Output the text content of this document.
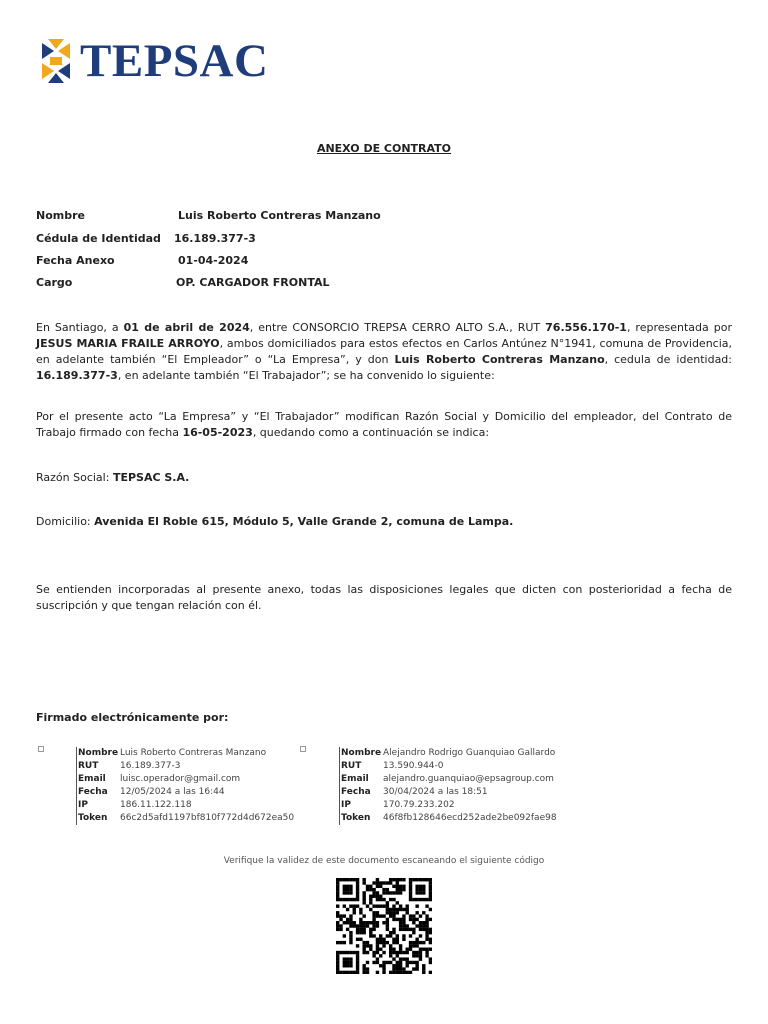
TEPSAC
ANEXO DE CONTRATO
Nombre	Luis Roberto Contreras Manzano
Cédula de Identidad 16.189.377-3
Fecha Anexo	01-04-2024
Cargo	OP. CARGADOR FRONTAL
En Santiago, a 01 de abril de 2024, entre CONSORCIO TREPSA CERRO ALTO S.A., RUT 76.556.170-1, representada por JESUS MARIA FRAILE ARROYO, ambos domiciliados para estos efectos en Carlos Antúnez N°1941, comuna de Providencia, en adelante también “El Empleador” o “La Empresa”, y don Luis Roberto Contreras Manzano, cedula de identidad: 16.189.377-3, en adelante también “El Trabajador”; se ha convenido lo siguiente:
Por el presente acto “La Empresa” y “El Trabajador” modifican Razón Social y Domicilio del empleador, del Contrato de Trabajo firmado con fecha 16-05-2023, quedando como a continuación se indica:
Razón Social: TEPSAC S.A.
Domicilio: Avenida El Roble 615, Módulo 5, Valle Grande 2, comuna de Lampa.
Se entienden incorporadas al presente anexo, todas las disposiciones legales que dicten con posterioridad a fecha de suscripción y que tengan relación con él.
Firmado electrónicamente por:
Nombre Luis Roberto Contreras Manzano
RUT	16.189.377-3
Email	luisc.operador@gmail.com
Fecha	12/05/2024 a las 16:44
IP	186.11.122.118
Token	66c2d5afd1197bf810f772d4d672ea50
Nombre Alejandro Rodrigo Guanquiao Gallardo
RUT	13.590.944-0
Email	alejandro.guanquiao@epsagroup.com
Fecha	30/04/2024 a las 18:51
IP	170.79.233.202
Token	46f8fb128646ecd252ade2be092fae98
Verifique la validez de este documento escaneando el siguiente código
